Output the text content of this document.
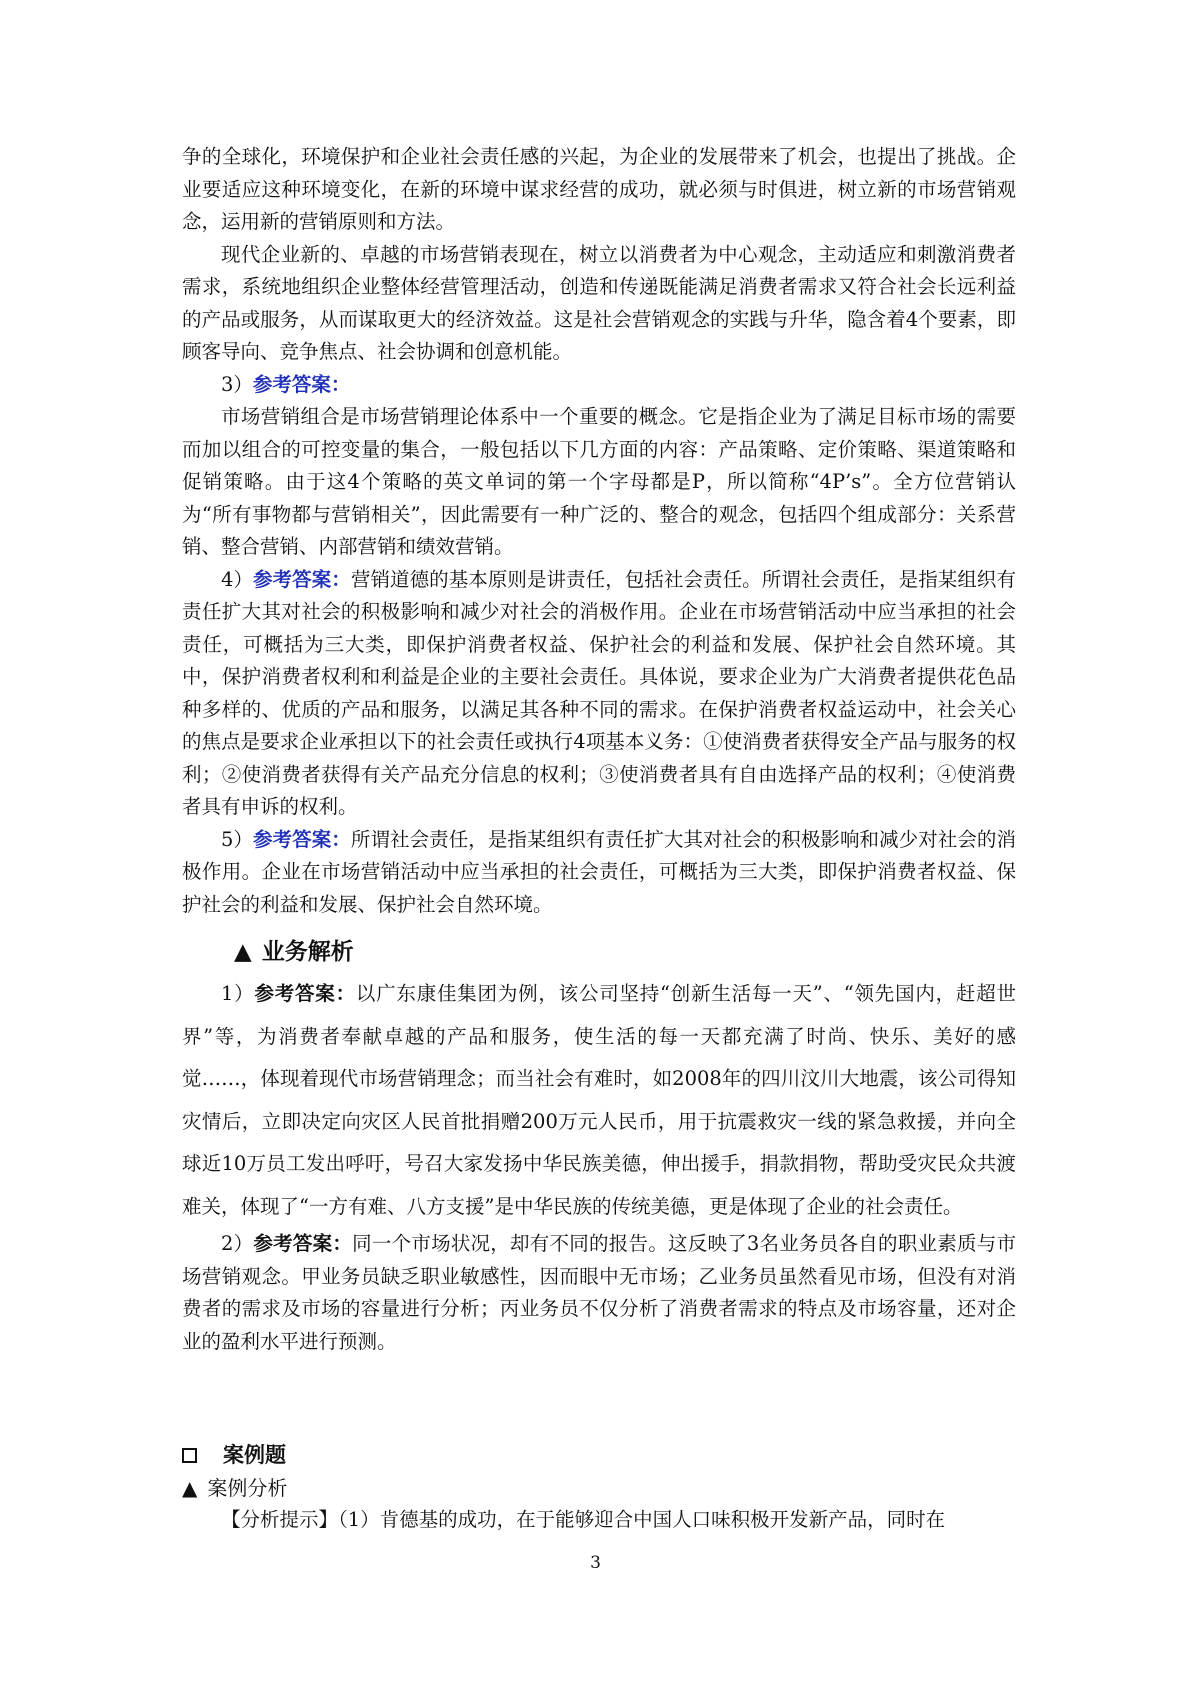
争的全球化，环境保护和企业社会责任感的兴起，为企业的发展带来了机会，也提出了挑战。企业要适应这种环境变化，在新的环境中谋求经营的成功，就必须与时俱进，树立新的市场营销观念，运用新的营销原则和方法。

现代企业新的、卓越的市场营销表现在，树立以消费者为中心观念，主动适应和刺激消费者需求，系统地组织企业整体经营管理活动，创造和传递既能满足消费者需求又符合社会长远利益的产品或服务，从而谋取更大的经济效益。这是社会营销观念的实践与升华，隐含着4个要素，即顾客导向、竞争焦点、社会协调和创意机能。

3）参考答案：

市场营销组合是市场营销理论体系中一个重要的概念。它是指企业为了满足目标市场的需要而加以组合的可控变量的集合，一般包括以下几方面的内容：产品策略、定价策略、渠道策略和促销策略。由于这4个策略的英文单词的第一个字母都是P，所以简称“4P’s”。全方位营销认为“所有事物都与营销相关”，因此需要有一种广泛的、整合的观念，包括四个组成部分：关系营销、整合营销、内部营销和绩效营销。

4）参考答案：营销道德的基本原则是讲责任，包括社会责任。所谓社会责任，是指某组织有责任扩大其对社会的积极影响和减少对社会的消极作用。企业在市场营销活动中应当承担的社会责任，可概括为三大类，即保护消费者权益、保护社会的利益和发展、保护社会自然环境。其中，保护消费者权利和利益是企业的主要社会责任。具体说，要求企业为广大消费者提供花色品种多样的、优质的产品和服务，以满足其各种不同的需求。在保护消费者权益运动中，社会关心的焦点是要求企业承担以下的社会责任或执行4项基本义务：①使消费者获得安全产品与服务的权利；②使消费者获得有关产品充分信息的权利；③使消费者具有自由选择产品的权利；④使消费者具有申诉的权利。

5）参考答案：所谓社会责任，是指某组织有责任扩大其对社会的积极影响和减少对社会的消极作用。企业在市场营销活动中应当承担的社会责任，可概括为三大类，即保护消费者权益、保护社会的利益和发展、保护社会自然环境。

▲ 业务解析

1）参考答案：以广东康佳集团为例，该公司坚持“创新生活每一天”、“领先国内，赶超世界”等，为消费者奉献卓越的产品和服务，使生活的每一天都充满了时尚、快乐、美好的感觉……，体现着现代市场营销理念；而当社会有难时，如2008年的四川汶川大地震，该公司得知灾情后，立即决定向灾区人民首批捐赠200万元人民币，用于抗震救灾一线的紧急救援，并向全球近10万员工发出呼吁，号召大家发扬中华民族美德，伸出援手，捐款捐物，帮助受灾民众共渡难关，体现了“一方有难、八方支援”是中华民族的传统美德，更是体现了企业的社会责任。

2）参考答案：同一个市场状况，却有不同的报告。这反映了3名业务员各自的职业素质与市场营销观念。甲业务员缺乏职业敏感性，因而眼中无市场；乙业务员虽然看见市场，但没有对消费者的需求及市场的容量进行分析；丙业务员不仅分析了消费者需求的特点及市场容量，还对企业的盈利水平进行预测。

案例题
▲ 案例分析

【分析提示】（1）肯德基的成功，在于能够迎合中国人口味积极开发新产品，同时在

3
